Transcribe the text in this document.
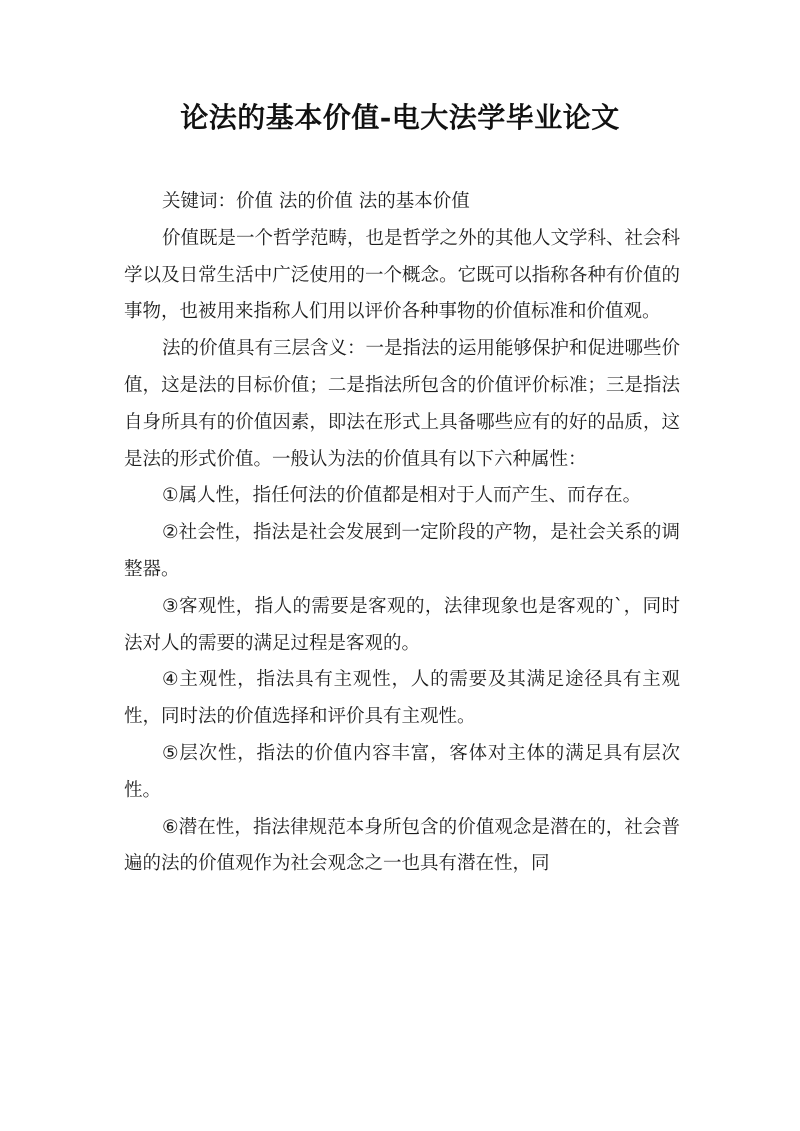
论法的基本价值-电大法学毕业论文

关键词：价值 法的价值 法的基本价值

价值既是一个哲学范畴，也是哲学之外的其他人文学科、社会科学以及日常生活中广泛使用的一个概念。它既可以指称各种有价值的事物，也被用来指称人们用以评价各种事物的价值标准和价值观。

法的价值具有三层含义：一是指法的运用能够保护和促进哪些价值，这是法的目标价值；二是指法所包含的价值评价标准；三是指法自身所具有的价值因素，即法在形式上具备哪些应有的好的品质，这是法的形式价值。一般认为法的价值具有以下六种属性：

①属人性，指任何法的价值都是相对于人而产生、而存在。

②社会性，指法是社会发展到一定阶段的产物，是社会关系的调整器。

③客观性，指人的需要是客观的，法律现象也是客观的`，同时法对人的需要的满足过程是客观的。

④主观性，指法具有主观性，人的需要及其满足途径具有主观性，同时法的价值选择和评价具有主观性。

⑤层次性，指法的价值内容丰富，客体对主体的满足具有层次性。

⑥潜在性，指法律规范本身所包含的价值观念是潜在的，社会普遍的法的价值观作为社会观念之一也具有潜在性，同
